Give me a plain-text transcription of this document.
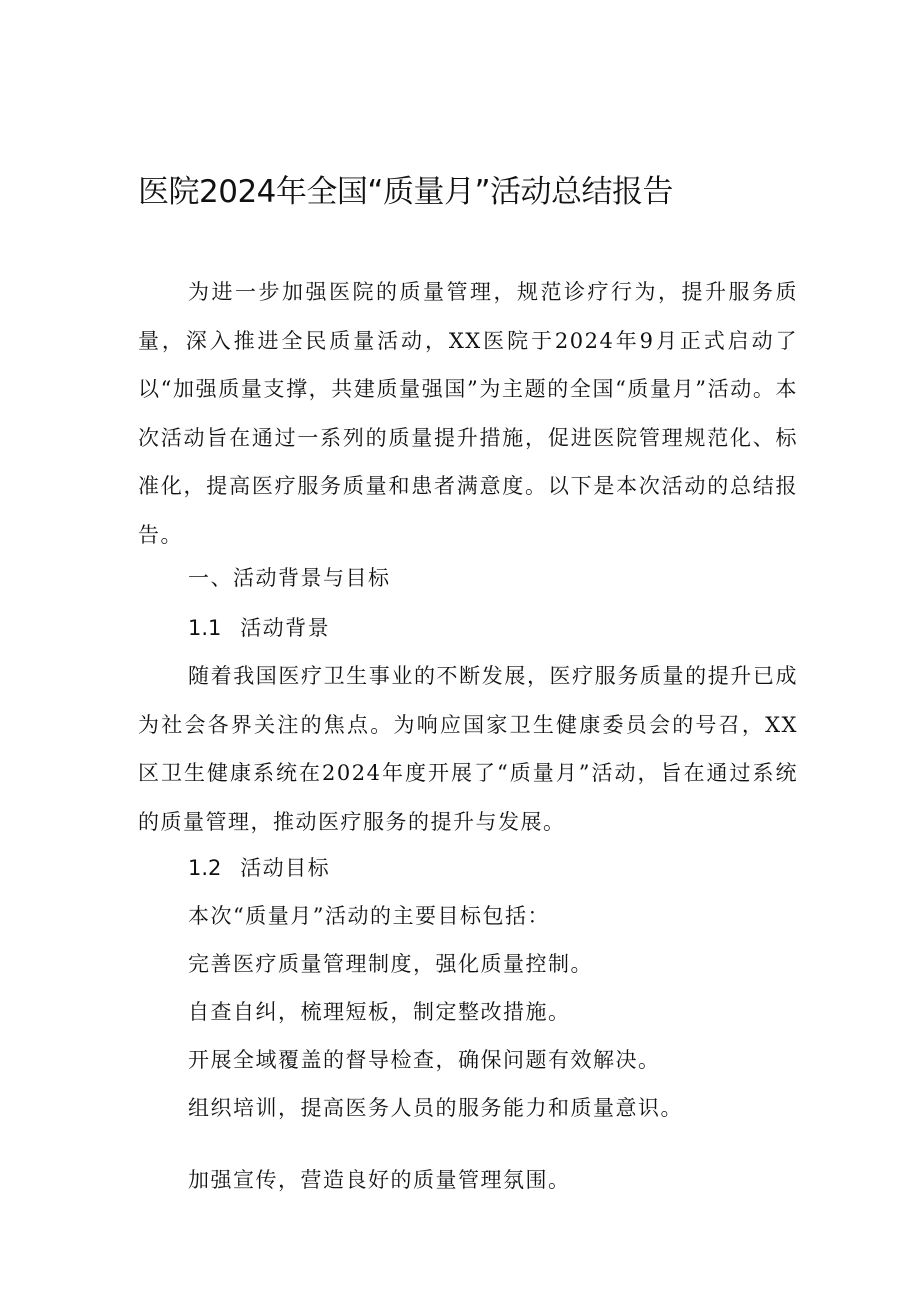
医院2024年全国“质量月”活动总结报告

为进一步加强医院的质量管理，规范诊疗行为，提升服务质量，深入推进全民质量活动，XX医院于2024年9月正式启动了以“加强质量支撑，共建质量强国”为主题的全国“质量月”活动。本次活动旨在通过一系列的质量提升措施，促进医院管理规范化、标准化，提高医疗服务质量和患者满意度。以下是本次活动的总结报告。

一、活动背景与目标

1.1 活动背景

随着我国医疗卫生事业的不断发展，医疗服务质量的提升已成为社会各界关注的焦点。为响应国家卫生健康委员会的号召，XX区卫生健康系统在2024年度开展了“质量月”活动，旨在通过系统的质量管理，推动医疗服务的提升与发展。

1.2 活动目标

本次“质量月”活动的主要目标包括：

完善医疗质量管理制度，强化质量控制。

自查自纠，梳理短板，制定整改措施。

开展全域覆盖的督导检查，确保问题有效解决。

组织培训，提高医务人员的服务能力和质量意识。

加强宣传，营造良好的质量管理氛围。
